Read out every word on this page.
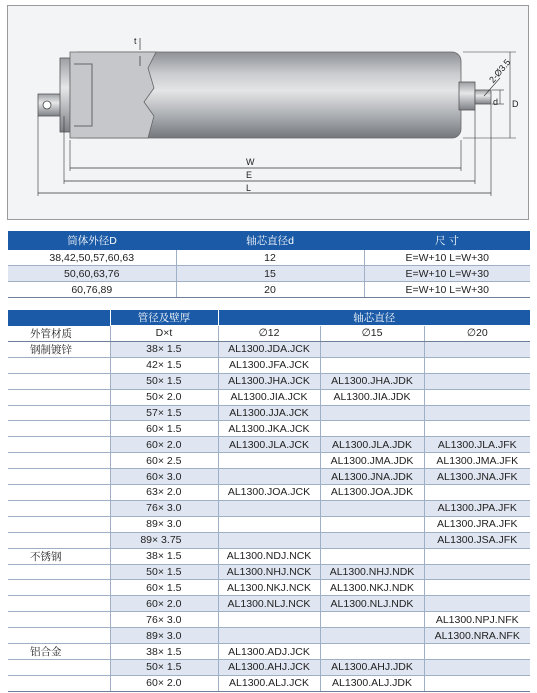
t
2-Ø3.5
d D
W
E
L
筒体外径D	轴芯直径d	尺 寸
38,42,50,57,60,63	12	E=W+10 L=W+30
50,60,63,76	15	E=W+10 L=W+30
60,76,89	20	E=W+10 L=W+30
	管径及壁厚	轴芯直径		
外管材质	D×t	∅12	∅15	∅20
钢制镀锌	38× 1.5	AL1300.JDA.JCK		
	42× 1.5	AL1300.JFA.JCK		
	50× 1.5	AL1300.JHA.JCK	AL1300.JHA.JDK	
	50× 2.0	AL1300.JIA.JCK	AL1300.JIA.JDK	
	57× 1.5	AL1300.JJA.JCK		
	60× 1.5	AL1300.JKA.JCK		
	60× 2.0	AL1300.JLA.JCK	AL1300.JLA.JDK	AL1300.JLA.JFK
	60× 2.5		AL1300.JMA.JDK	AL1300.JMA.JFK
	60× 3.0		AL1300.JNA.JDK	AL1300.JNA.JFK
	63× 2.0	AL1300.JOA.JCK	AL1300.JOA.JDK	
	76× 3.0			AL1300.JPA.JFK
	89× 3.0			AL1300.JRA.JFK
	89× 3.75			AL1300.JSA.JFK
不锈钢	38× 1.5	AL1300.NDJ.NCK		
	50× 1.5	AL1300.NHJ.NCK	AL1300.NHJ.NDK	
	60× 1.5	AL1300.NKJ.NCK	AL1300.NKJ.NDK	
	60× 2.0	AL1300.NLJ.NCK	AL1300.NLJ.NDK	
	76× 3.0			AL1300.NPJ.NFK
	89× 3.0			AL1300.NRA.NFK
铝合金	38× 1.5	AL1300.ADJ.JCK		
	50× 1.5	AL1300.AHJ.JCK	AL1300.AHJ.JDK	
	60× 2.0	AL1300.ALJ.JCK	AL1300.ALJ.JDK	
